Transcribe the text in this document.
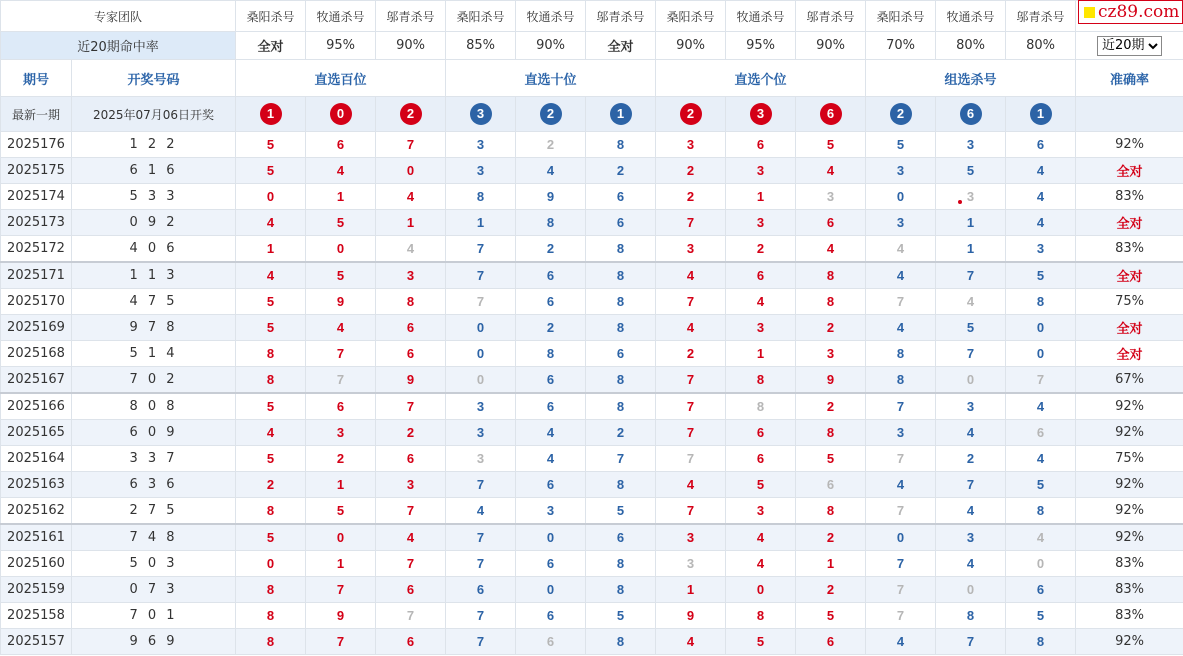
专家团队		桑阳杀号	牧通杀号	邬青杀号	桑阳杀号	牧通杀号	邬青杀号	桑阳杀号	牧通杀号	邬青杀号	桑阳杀号	牧通杀号	邬青杀号	
近20期命中率		全对	95%	90%	85%	90%	全对	90%	95%	90%	70%	80%	80%	
近20期
期号	开奖号码	直选百位			直选十位			直选个位			组选杀号			准确率
最新一期	2025年07月06日开奖	1	0	2	3	2	1	2	3	6	2	6	1	
2025176	1 2 2	5	6	7	3	2	8	3	6	5	5	3	6	92%
2025175	6 1 6	5	4	0	3	4	2	2	3	4	3	5	4	全对
2025174	5 3 3	0	1	4	8	9	6	2	1	3	0	3	4	83%
2025173	0 9 2	4	5	1	1	8	6	7	3	6	3	1	4	全对
2025172	4 0 6	1	0	4	7	2	8	3	2	4	4	1	3	83%
2025171	1 1 3	4	5	3	7	6	8	4	6	8	4	7	5	全对
2025170	4 7 5	5	9	8	7	6	8	7	4	8	7	4	8	75%
2025169	9 7 8	5	4	6	0	2	8	4	3	2	4	5	0	全对
2025168	5 1 4	8	7	6	0	8	6	2	1	3	8	7	0	全对
2025167	7 0 2	8	7	9	0	6	8	7	8	9	8	0	7	67%
2025166	8 0 8	5	6	7	3	6	8	7	8	2	7	3	4	92%
2025165	6 0 9	4	3	2	3	4	2	7	6	8	3	4	6	92%
2025164	3 3 7	5	2	6	3	4	7	7	6	5	7	2	4	75%
2025163	6 3 6	2	1	3	7	6	8	4	5	6	4	7	5	92%
2025162	2 7 5	8	5	7	4	3	5	7	3	8	7	4	8	92%
2025161	7 4 8	5	0	4	7	0	6	3	4	2	0	3	4	92%
2025160	5 0 3	0	1	7	7	6	8	3	4	1	7	4	0	83%
2025159	0 7 3	8	7	6	6	0	8	1	0	2	7	0	6	83%
2025158	7 0 1	8	9	7	7	6	5	9	8	5	7	8	5	83%
2025157	9 6 9	8	7	6	7	6	8	4	5	6	4	7	8	92%
cz89.com
